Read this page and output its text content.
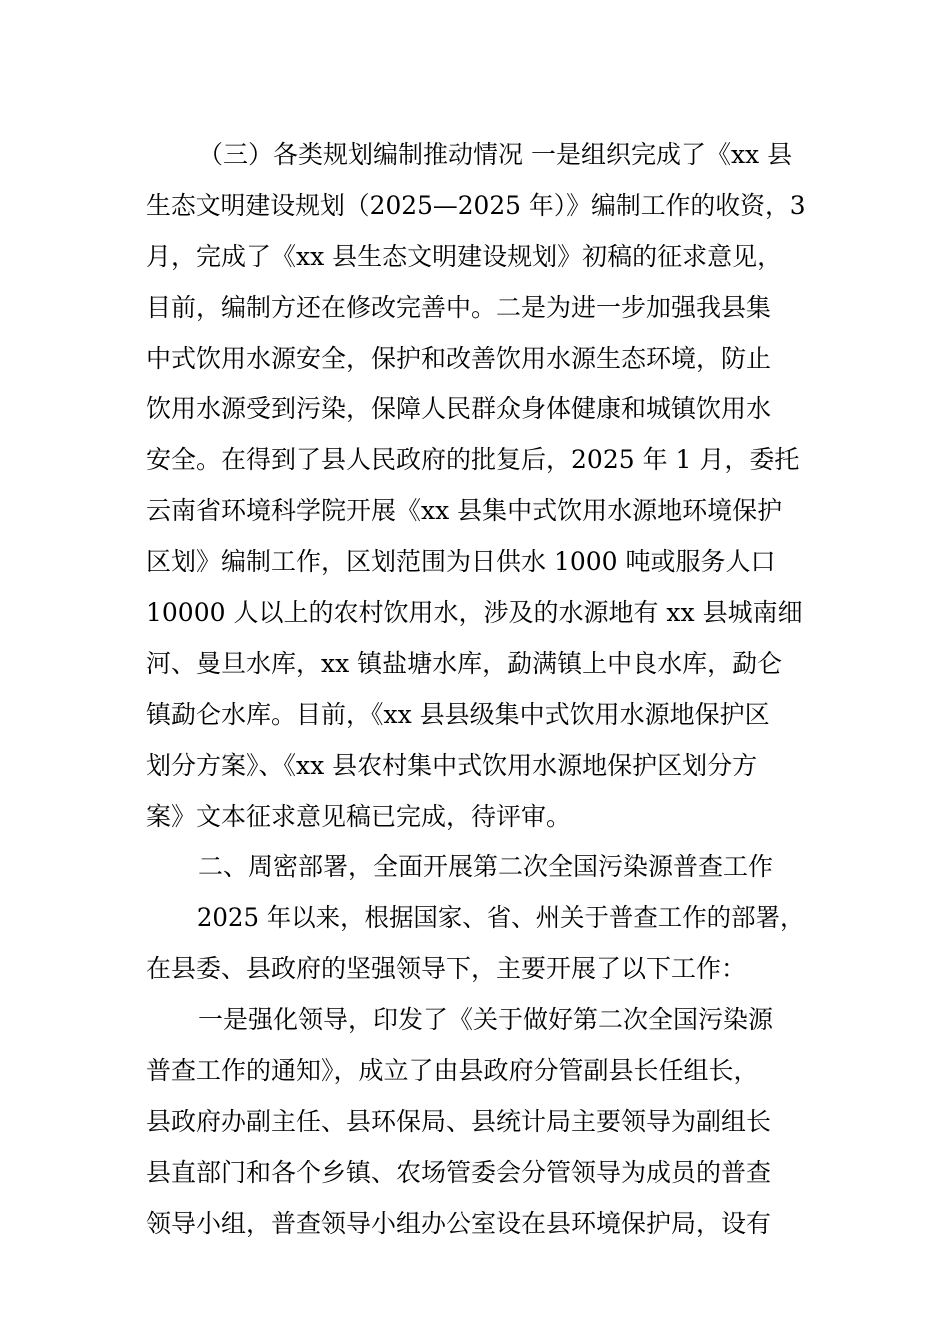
（三）各类规划编制推动情况 一是组织完成了《xx 县
生态文明建设规划（2025—2025 年）》编制工作的收资，3
月，完成了《xx 县生态文明建设规划》初稿的征求意见，
目前，编制方还在修改完善中。二是为进一步加强我县集
中式饮用水源安全，保护和改善饮用水源生态环境，防止
饮用水源受到污染，保障人民群众身体健康和城镇饮用水
安全。在得到了县人民政府的批复后，2025 年 1 月，委托
云南省环境科学院开展《xx 县集中式饮用水源地环境保护
区划》编制工作，区划范围为日供水 1000 吨或服务人口
10000 人以上的农村饮用水，涉及的水源地有 xx 县城南细
河、曼旦水库，xx 镇盐塘水库，勐满镇上中良水库，勐仑
镇勐仑水库。目前，《xx 县县级集中式饮用水源地保护区
划分方案》、《xx 县农村集中式饮用水源地保护区划分方
案》文本征求意见稿已完成，待评审。
二、周密部署，全面开展第二次全国污染源普查工作
2025 年以来，根据国家、省、州关于普查工作的部署，
在县委、县政府的坚强领导下，主要开展了以下工作：
一是强化领导，印发了《关于做好第二次全国污染源
普查工作的通知》，成立了由县政府分管副县长任组长，
县政府办副主任、县环保局、县统计局主要领导为副组长
县直部门和各个乡镇、农场管委会分管领导为成员的普查
领导小组，普查领导小组办公室设在县环境保护局，设有
